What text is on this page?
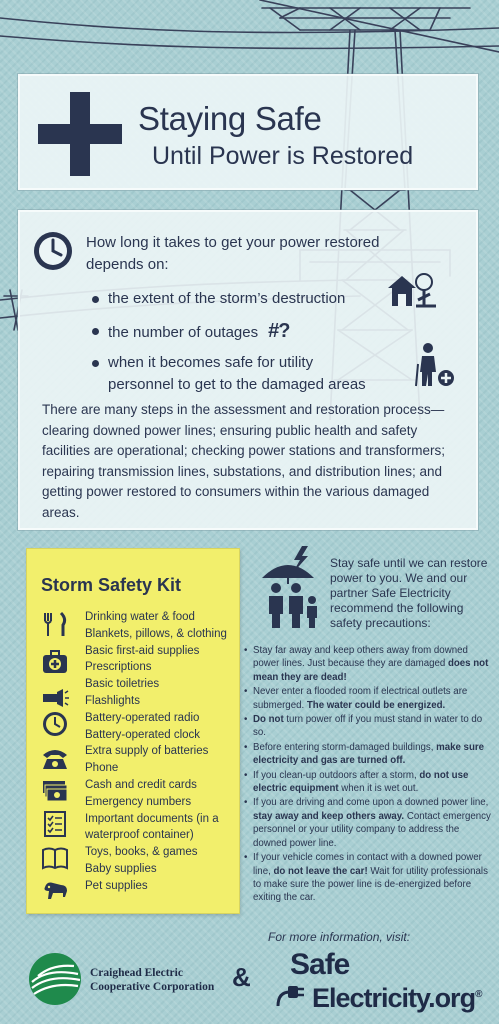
Staying Safe
Until Power is Restored
How long it takes to get your power restored depends on:
the extent of the storm’s destruction
the number of outages #?
when it becomes safe for utility personnel to get to the damaged areas
There are many steps in the assessment and restoration process—clearing downed power lines; ensuring public health and safety facilities are operational; checking power stations and transformers; repairing transmission lines, substations, and distribution lines; and getting power restored to consumers within the various damaged areas.
Storm Safety Kit
Drinking water & food
Blankets, pillows, & clothing
Basic first-aid supplies
Prescriptions
Basic toiletries
Flashlights
Battery-operated radio
Battery-operated clock
Extra supply of batteries
Phone
Cash and credit cards
Emergency numbers
Important documents (in a
waterproof container)
Toys, books, & games
Baby supplies
Pet supplies
Stay safe until we can restore power to you. We and our partner Safe Electricity recommend the following safety precautions:
• Stay far away and keep others away from downed power lines. Just because they are damaged does not mean they are dead!
• Never enter a flooded room if electrical outlets are submerged. The water could be energized.
• Do not turn power off if you must stand in water to do so.
• Before entering storm-damaged buildings, make sure electricity and gas are turned off.
• If you clean-up outdoors after a storm, do not use electric equipment when it is wet out.
• If you are driving and come upon a downed power line, stay away and keep others away. Contact emergency personnel or your utility company to address the downed power line.
• If your vehicle comes in contact with a downed power line, do not leave the car! Wait for utility professionals to make sure the power line is de-energized before exiting the car.
For more information, visit:
Craighead Electric
Cooperative Corporation & Safe
Electricity.org®
